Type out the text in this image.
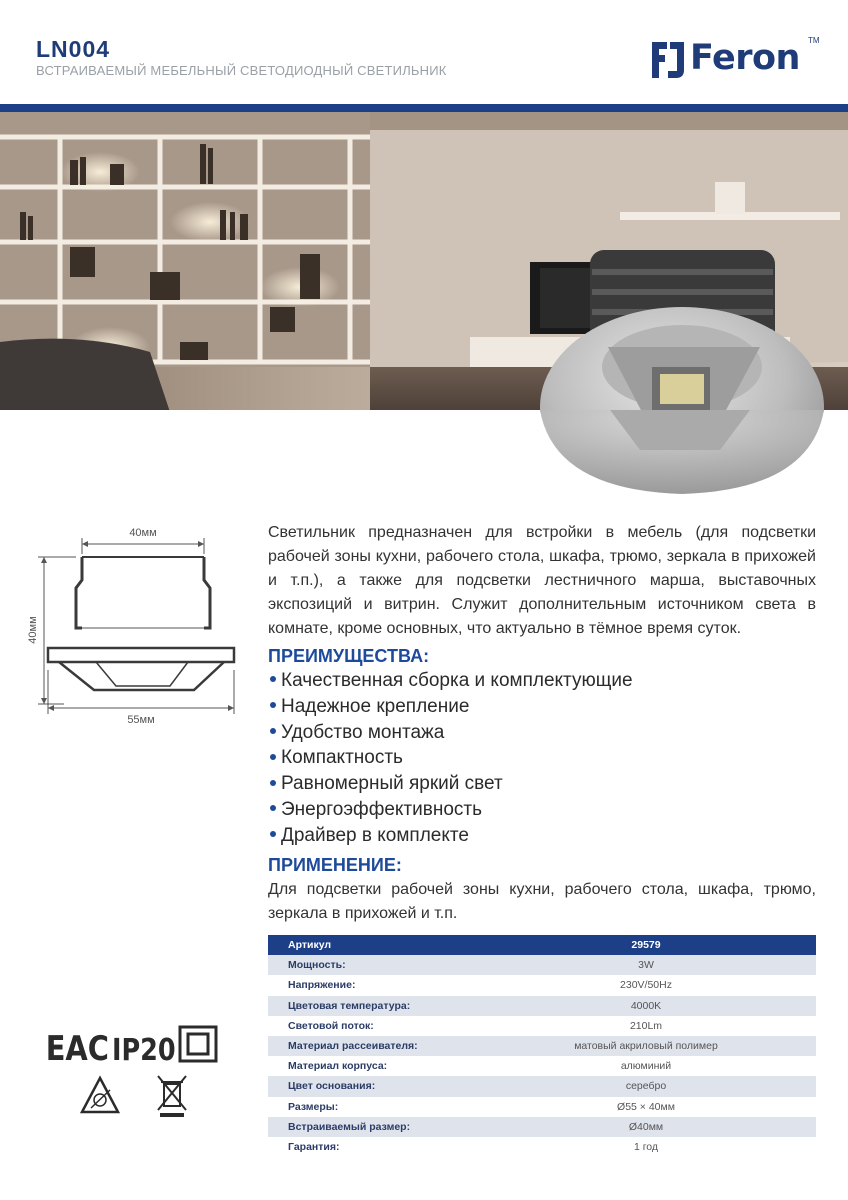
LN004
ВСТРАИВАЕМЫЙ МЕБЕЛЬНЫЙ СВЕТОДИОДНЫЙ СВЕТИЛЬНИК	Feron TM
40мм
55мм
40мм
Светильник предназначен для встройки в мебель (для подсветки рабочей зоны кухни, рабочего стола, шкафа, трюмо, зеркала в прихожей и т.п.), а также для подсветки лестничного марша, выставочных экспозиций и витрин. Служит дополнительным источником света в комнате, кроме основных, что актуально в тёмное время суток.
ПРЕИМУЩЕСТВА:
Качественная сборка и комплектующие
Надежное крепление
Удобство монтажа
Компактность
Равномерный яркий свет
Энергоэффективность
Драйвер в комплекте
ПРИМЕНЕНИЕ:
Для подсветки рабочей зоны кухни, рабочего стола, шкафа, трюмо, зеркала в прихожей и т.п.
Артикул	29579
Мощность:	3W
Напряжение:	230V/50Hz
Цветовая температура:	4000K
Световой поток:	210Lm
Материал рассеивателя:	матовый акриловый полимер
Материал корпуса:	алюминий
Цвет основания:	серебро
Размеры:	Ø55 × 40мм
Встраиваемый размер:	Ø40мм
Гарантия:	1 год
EAC IP20
